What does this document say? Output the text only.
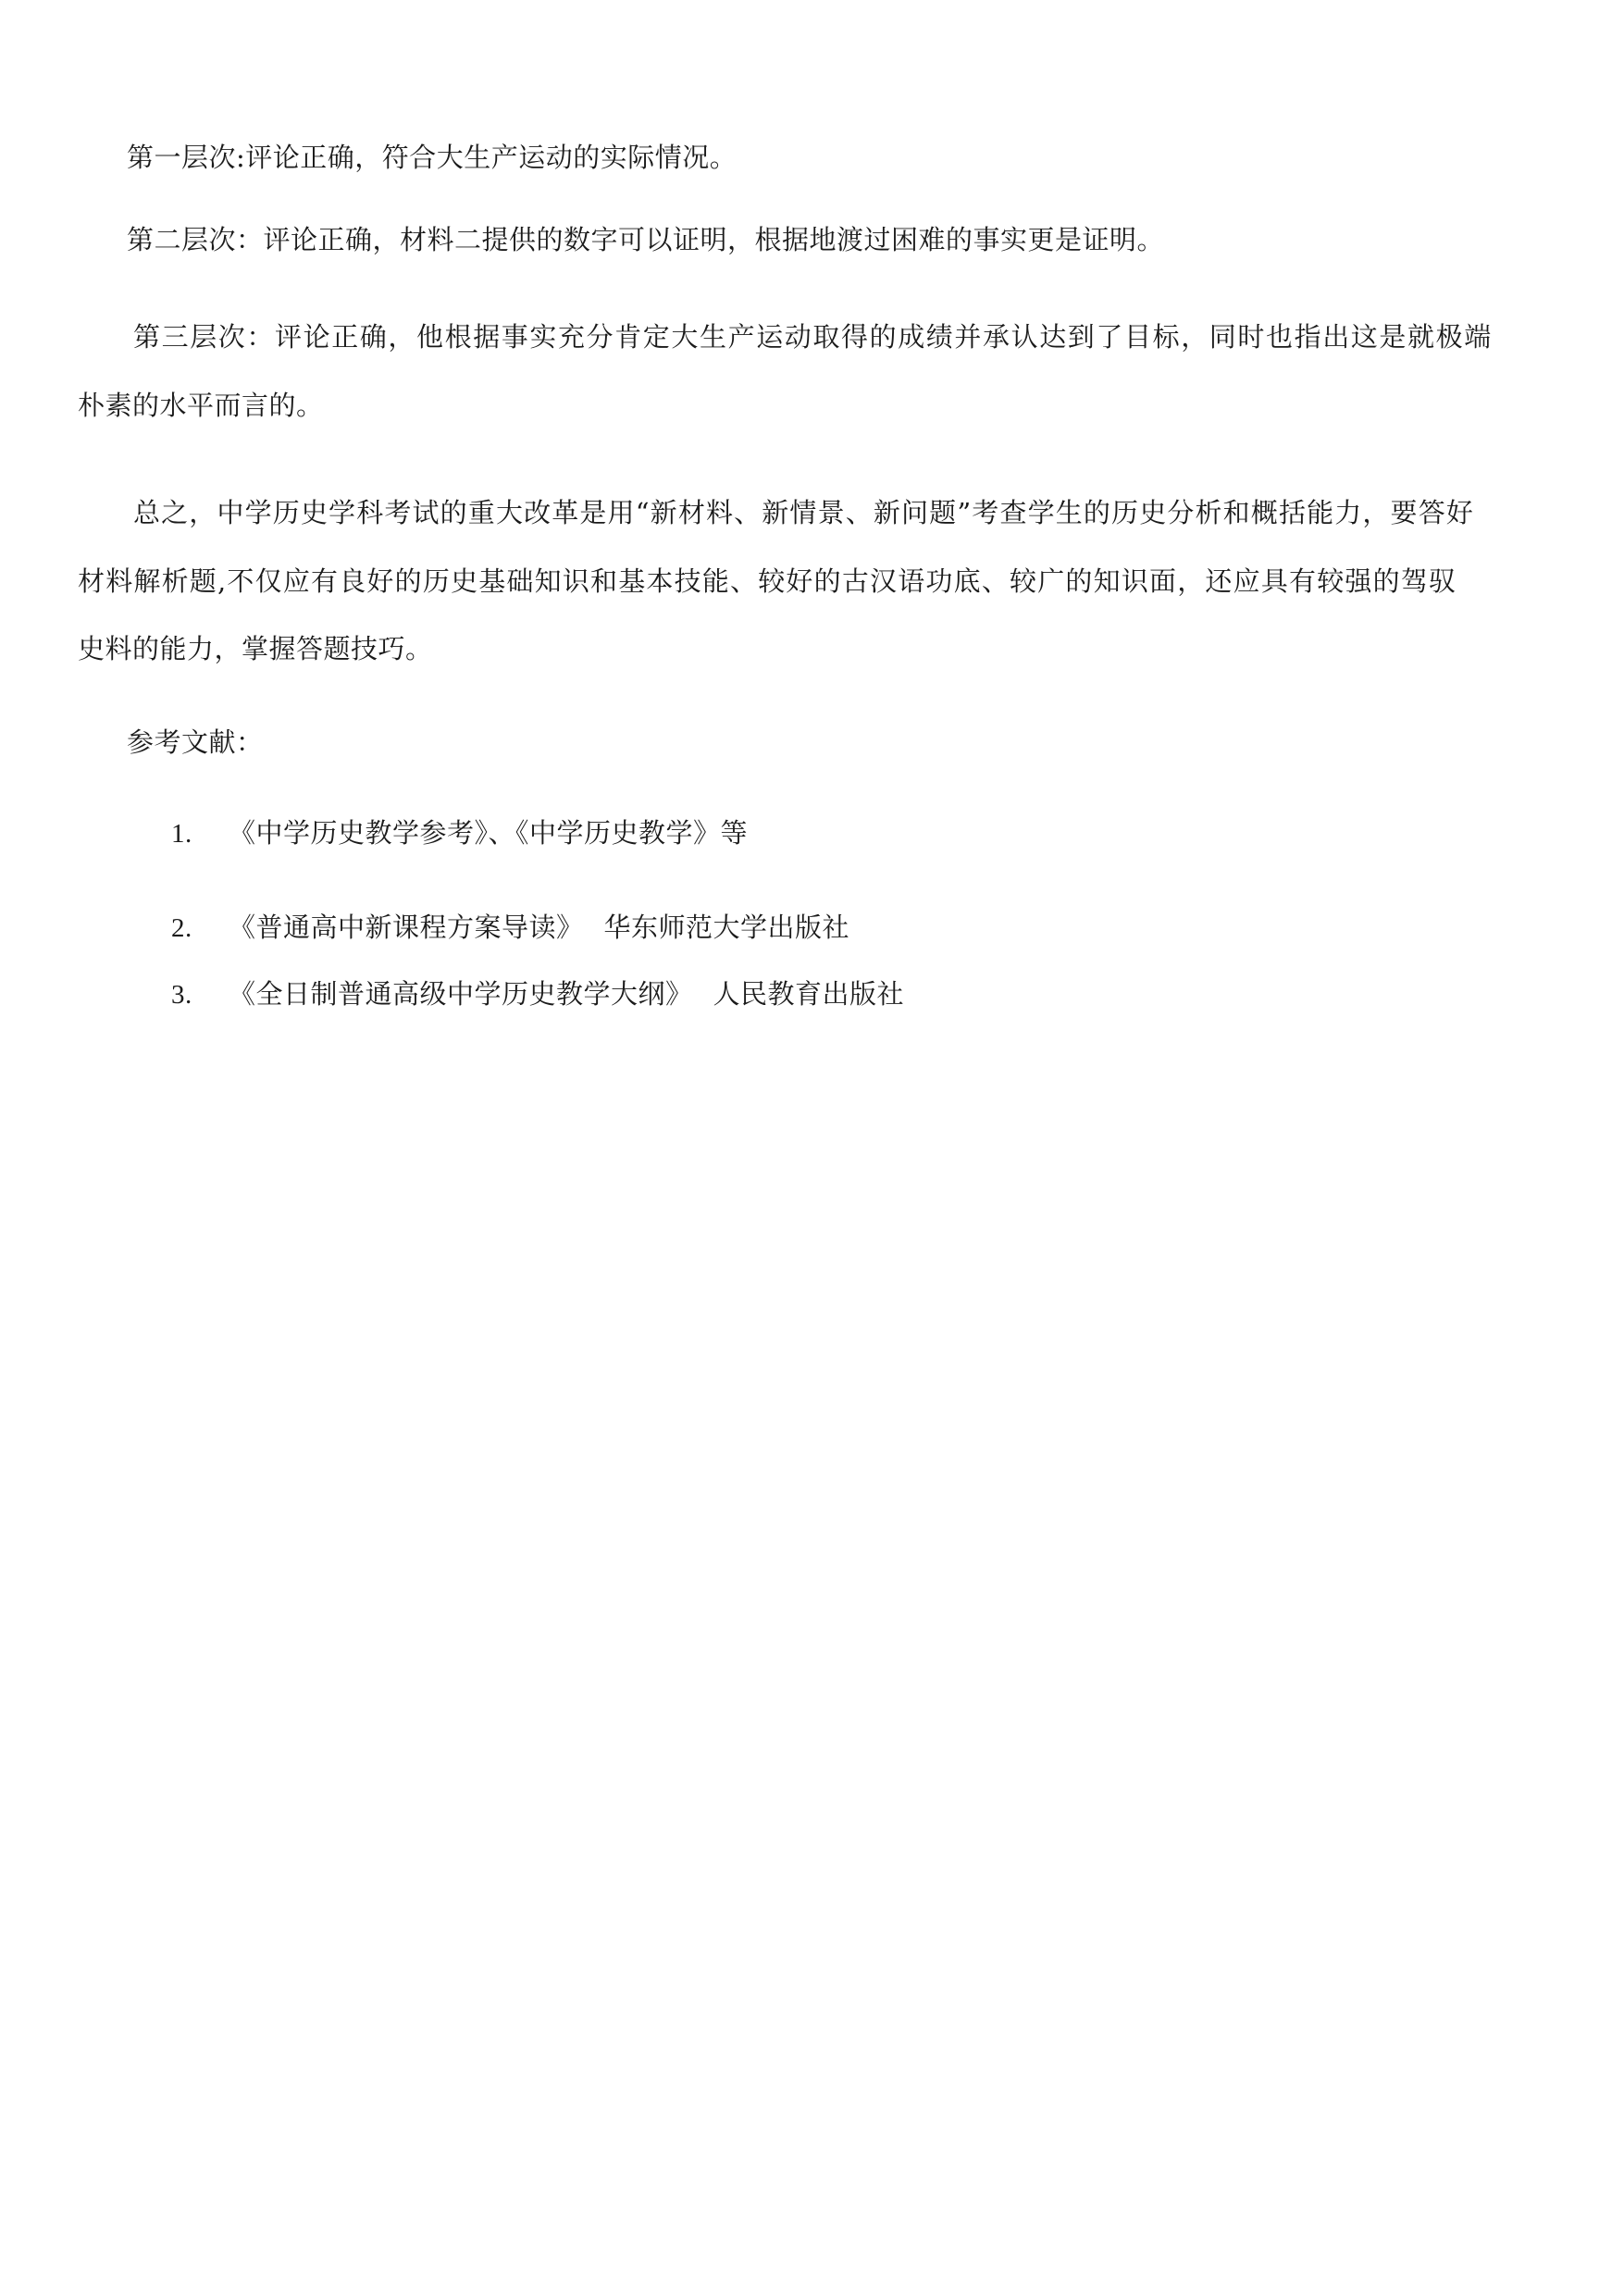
第一层次:评论正确，符合大生产运动的实际情况。
第二层次：评论正确，材料二提供的数字可以证明，根据地渡过困难的事实更是证明。
第三层次：评论正确，他根据事实充分肯定大生产运动取得的成绩并承认达到了目标，同时也指出这是就极端
朴素的水平而言的。
总之，中学历史学科考试的重大改革是用“新材料、新情景、新问题”考查学生的历史分析和概括能力，要答好
材料解析题,不仅应有良好的历史基础知识和基本技能、较好的古汉语功底、较广的知识面，还应具有较强的驾驭
史料的能力，掌握答题技巧。
参考文献：
1. 《中学历史教学参考》、《中学历史教学》等
2. 《普通高中新课程方案导读》 华东师范大学出版社
3. 《全日制普通高级中学历史教学大纲》 人民教育出版社
